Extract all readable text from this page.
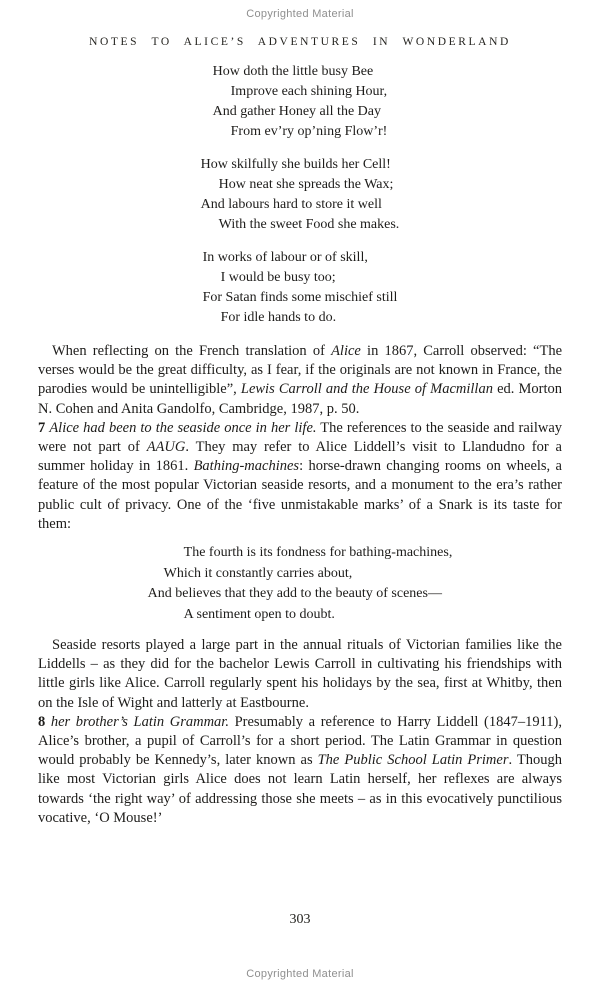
Copyrighted Material
NOTES TO ALICE’S ADVENTURES IN WONDERLAND
How doth the little busy Bee
Improve each shining Hour,
And gather Honey all the Day
From ev’ry op’ning Flow’r!
How skilfully she builds her Cell!
How neat she spreads the Wax;
And labours hard to store it well
With the sweet Food she makes.
In works of labour or of skill,
I would be busy too;
For Satan finds some mischief still
For idle hands to do.

When reflecting on the French translation of Alice in 1867, Carroll observed: “The verses would be the great difficulty, as I fear, if the originals are not known in France, the parodies would be unintelligible”, Lewis Carroll and the House of Macmillan ed. Morton N. Cohen and Anita Gandolfo, Cambridge, 1987, p. 50.

7 Alice had been to the seaside once in her life. The references to the seaside and railway were not part of AAUG. They may refer to Alice Liddell’s visit to Llandudno for a summer holiday in 1861. Bathing-machines: horse-drawn changing rooms on wheels, a feature of the most popular Victorian seaside resorts, and a monument to the era’s rather public cult of privacy. One of the ‘five unmistakable marks’ of a Snark is its taste for them:

The fourth is its fondness for bathing-machines,
Which it constantly carries about,
And believes that they add to the beauty of scenes—
A sentiment open to doubt.

Seaside resorts played a large part in the annual rituals of Victorian families like the Liddells – as they did for the bachelor Lewis Carroll in cultivating his friendships with little girls like Alice. Carroll regularly spent his holidays by the sea, first at Whitby, then on the Isle of Wight and latterly at Eastbourne.

8 her brother’s Latin Grammar. Presumably a reference to Harry Liddell (1847–1911), Alice’s brother, a pupil of Carroll’s for a short period. The Latin Grammar in question would probably be Kennedy’s, later known as The Public School Latin Primer. Though like most Victorian girls Alice does not learn Latin herself, her reflexes are always towards ‘the right way’ of addressing those she meets – as in this evocatively punctilious vocative, ‘O Mouse!’

303
Copyrighted Material
